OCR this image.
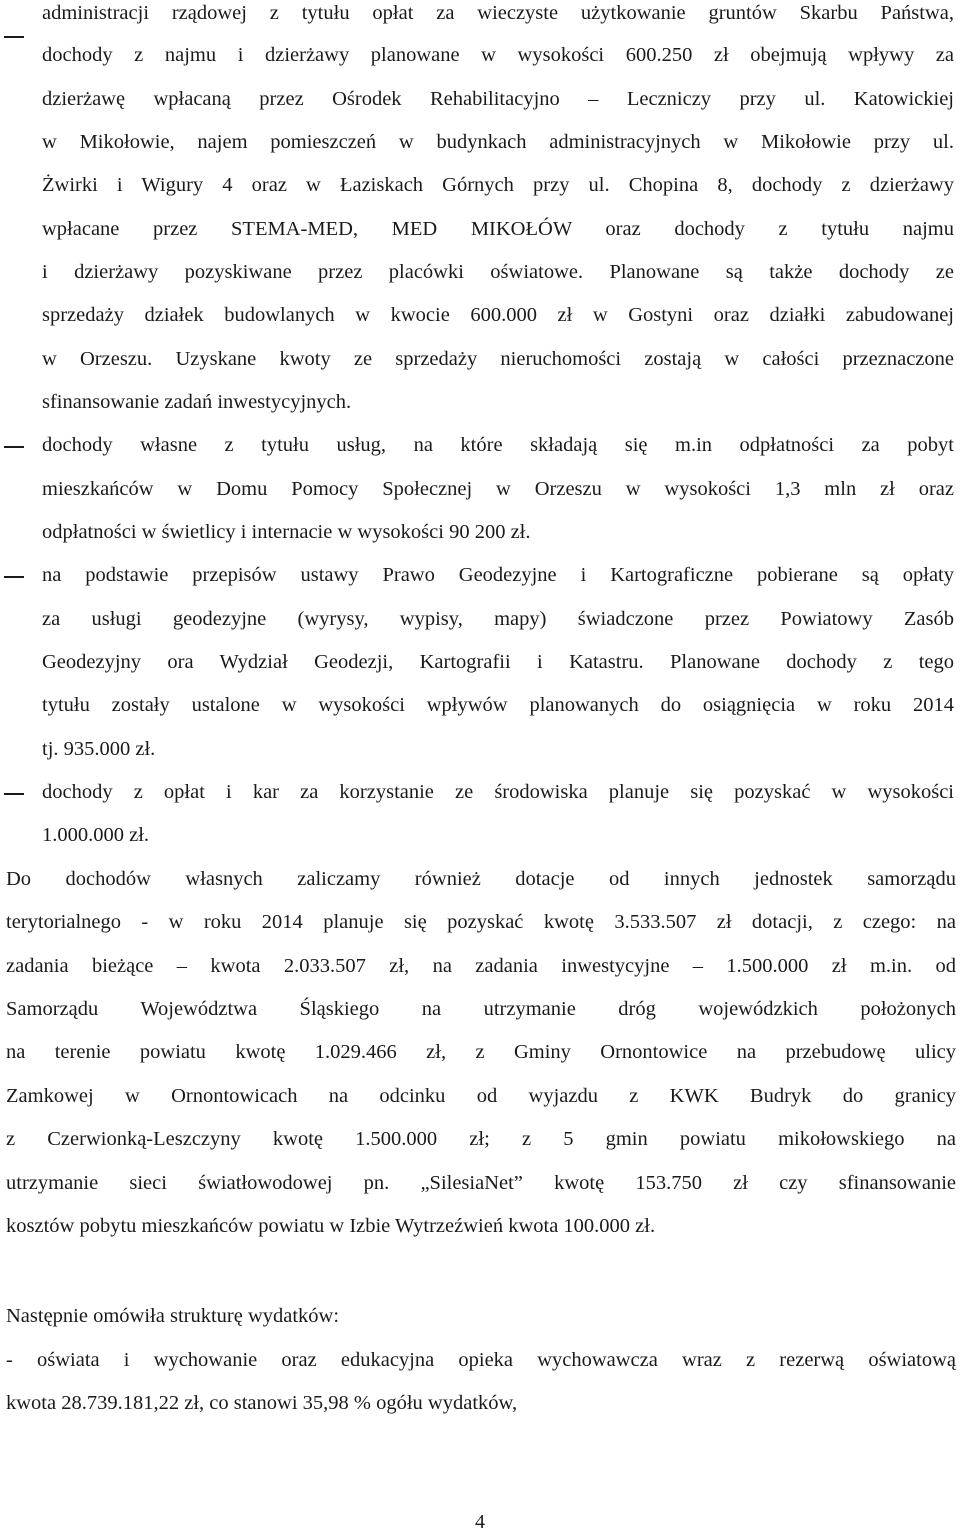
administracji rządowej z tytułu opłat za wieczyste użytkowanie gruntów Skarbu Państwa,
dochody z najmu i dzierżawy planowane w wysokości 600.250 zł obejmują wpływy za
dzierżawę wpłacaną przez Ośrodek Rehabilitacyjno – Leczniczy przy ul. Katowickiej
w Mikołowie, najem pomieszczeń w budynkach administracyjnych w Mikołowie przy ul.
Żwirki i Wigury 4 oraz w Łaziskach Górnych przy ul. Chopina 8, dochody z dzierżawy
wpłacane przez STEMA-MED, MED MIKOŁÓW oraz dochody z tytułu najmu
i dzierżawy pozyskiwane przez placówki oświatowe. Planowane są także dochody ze
sprzedaży działek budowlanych w kwocie 600.000 zł w Gostyni oraz działki zabudowanej
w Orzeszu. Uzyskane kwoty ze sprzedaży nieruchomości zostają w całości przeznaczone
sfinansowanie zadań inwestycyjnych.
dochody własne z tytułu usług, na które składają się m.in odpłatności za pobyt
mieszkańców w Domu Pomocy Społecznej w Orzeszu w wysokości 1,3 mln zł oraz
odpłatności w świetlicy i internacie w wysokości 90 200 zł.
na podstawie przepisów ustawy Prawo Geodezyjne i Kartograficzne pobierane są opłaty
za usługi geodezyjne (wyrysy, wypisy, mapy) świadczone przez Powiatowy Zasób
Geodezyjny ora Wydział Geodezji, Kartografii i Katastru. Planowane dochody z tego
tytułu zostały ustalone w wysokości wpływów planowanych do osiągnięcia w roku 2014
tj. 935.000 zł.
dochody z opłat i kar za korzystanie ze środowiska planuje się pozyskać w wysokości
1.000.000 zł.
Do dochodów własnych zaliczamy również dotacje od innych jednostek samorządu
terytorialnego - w roku 2014 planuje się pozyskać kwotę 3.533.507 zł dotacji, z czego: na
zadania bieżące – kwota 2.033.507 zł, na zadania inwestycyjne – 1.500.000 zł m.in. od
Samorządu Województwa Śląskiego na utrzymanie dróg wojewódzkich położonych
na terenie powiatu kwotę 1.029.466 zł, z Gminy Ornontowice na przebudowę ulicy
Zamkowej w Ornontowicach na odcinku od wyjazdu z KWK Budryk do granicy
z Czerwionką-Leszczyny kwotę 1.500.000 zł; z 5 gmin powiatu mikołowskiego na
utrzymanie sieci światłowodowej pn. „SilesiaNet” kwotę 153.750 zł czy sfinansowanie
kosztów pobytu mieszkańców powiatu w Izbie Wytrzeźwień kwota 100.000 zł.
Następnie omówiła strukturę wydatków:
- oświata i wychowanie oraz edukacyjna opieka wychowawcza wraz z rezerwą oświatową
kwota 28.739.181,22 zł, co stanowi 35,98 % ogółu wydatków,
4
